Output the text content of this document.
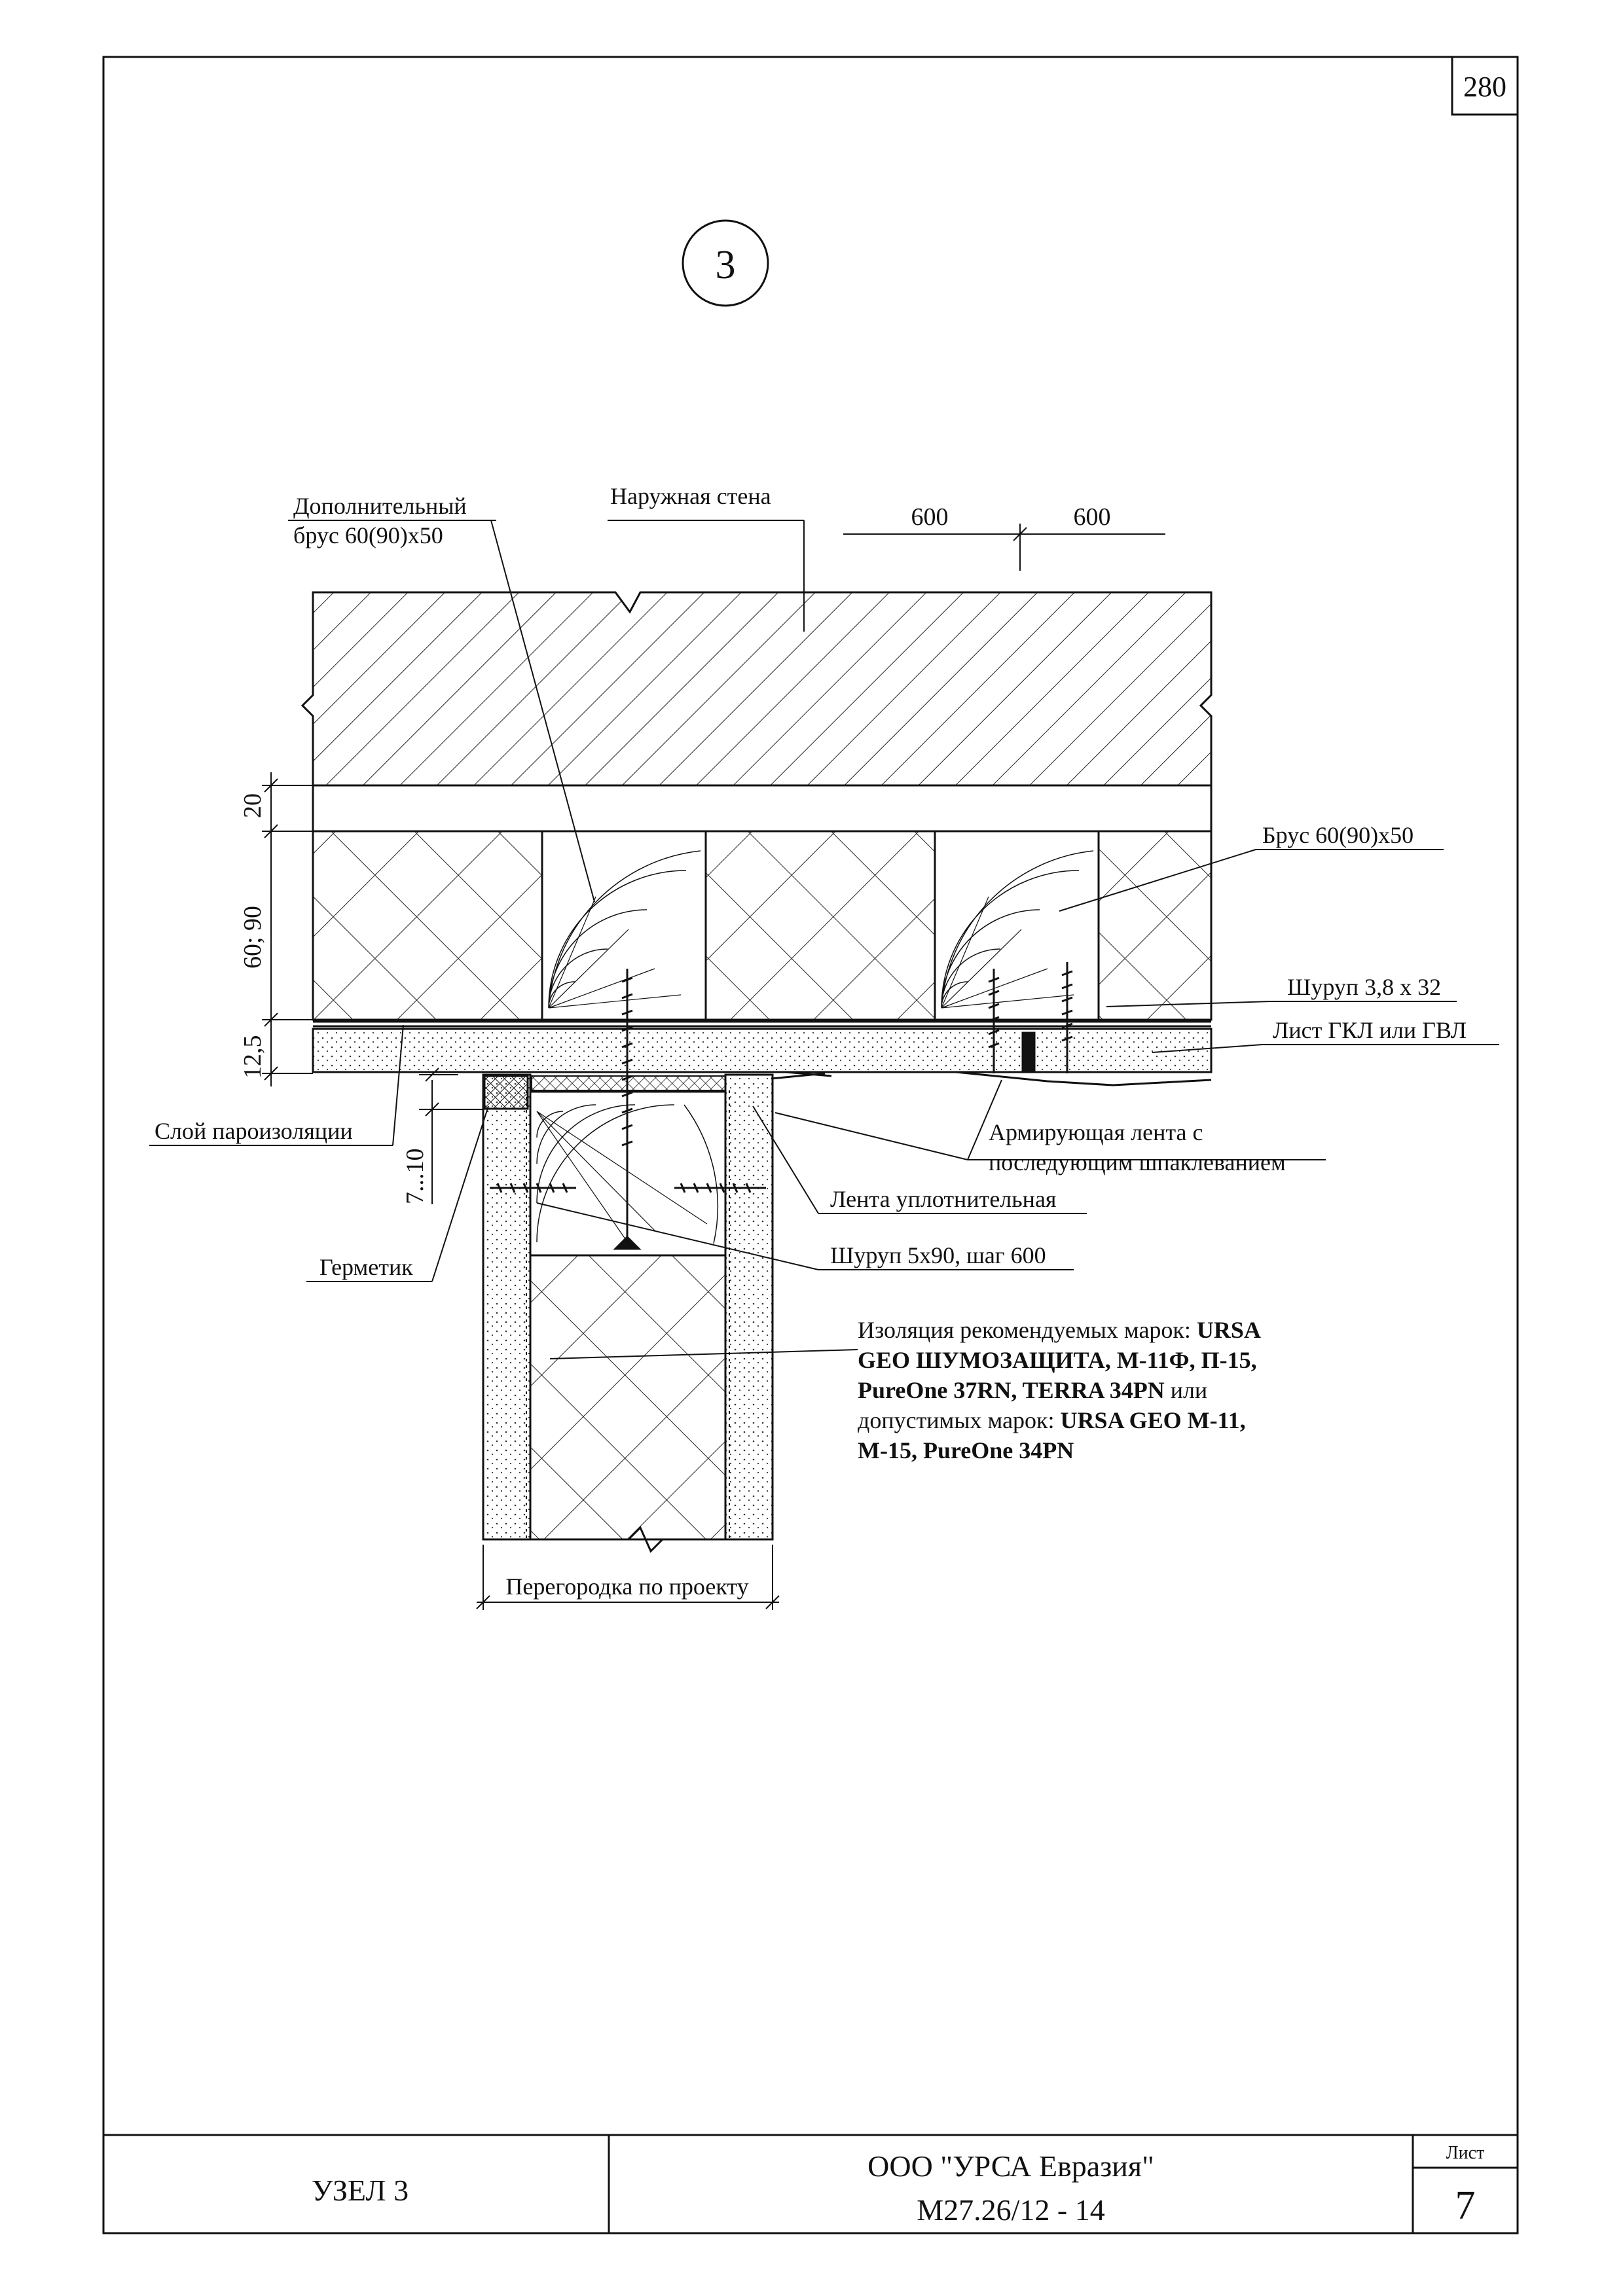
280
3
20
60; 90
12,5
7...10
600	600
Перегородка по проекту
Дополнительный
брус 60(90)х50
Наружная стена
Брус 60(90)х50
Шуруп 3,8 х 32
Лист ГКЛ или ГВЛ
Слой пароизоляции	Армирующая лента с
последующим шпаклеванием
Лента уплотнительная
Герметик	Шуруп 5х90, шаг 600
Изоляция рекомендуемых марок: URSA
GEO ШУМОЗАЩИТА, М-11Ф, П-15,
PureOne 37RN, TERRA 34PN или
допустимых марок: URSA GEO M-11,
M-15, PureOne 34PN
УЗЕЛ 3
ООО "УРСА Евразия"
М27.26/12 - 14
Лист
7
